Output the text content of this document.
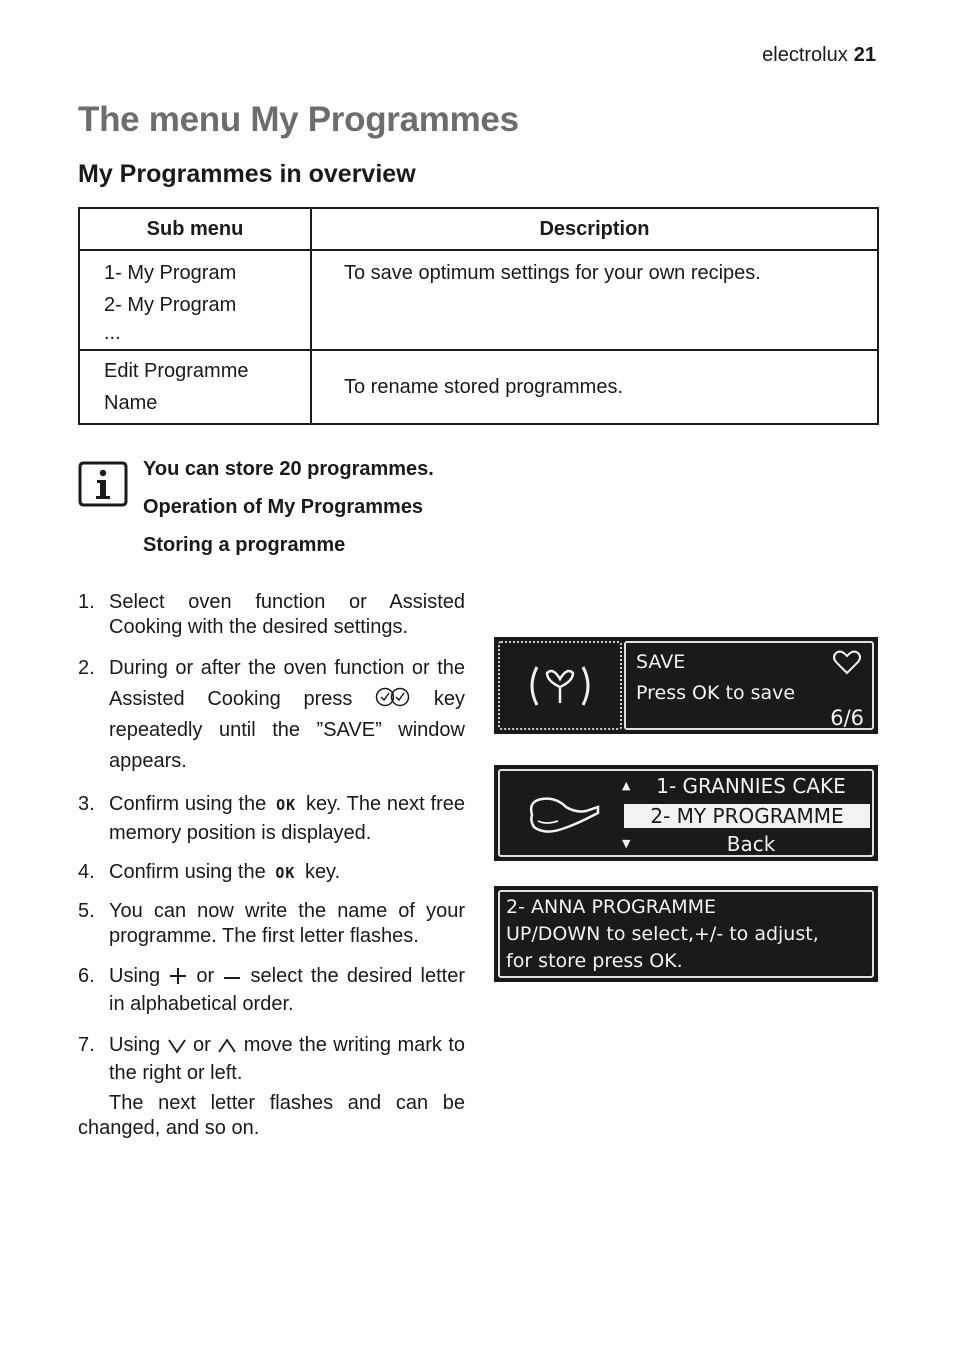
electrolux 21
The menu My Programmes
My Programmes in overview
Sub menu	Description

1- My Program
2- My Program
...	To save optimum settings for your own recipes.
Edit Programme Name	To rename stored programmes.
You can store 20 programmes.
Operation of My Programmes
Storing a programme
1. Select oven function or Assisted Cooking with the desired settings.
2. During or after the oven function or the Assisted Cooking press	key repeatedly until the ”SAVE” window appears.
3. Confirm using the OK key. The next free memory position is displayed.
4. Confirm using the OK key.
5. You can now write the name of your programme. The first letter flashes.
6. Using or select the desired letter in alphabetical order.
7. Using or move the writing mark to the right or left.
The next letter flashes and can be changed, and so on.
SAVE
Press OK to save
6/6
▲
▼
1- GRANNIES CAKE
2- MY PROGRAMME
Back
2- ANNA PROGRAMME
UP/DOWN to select,+/- to adjust,
for store press OK.
